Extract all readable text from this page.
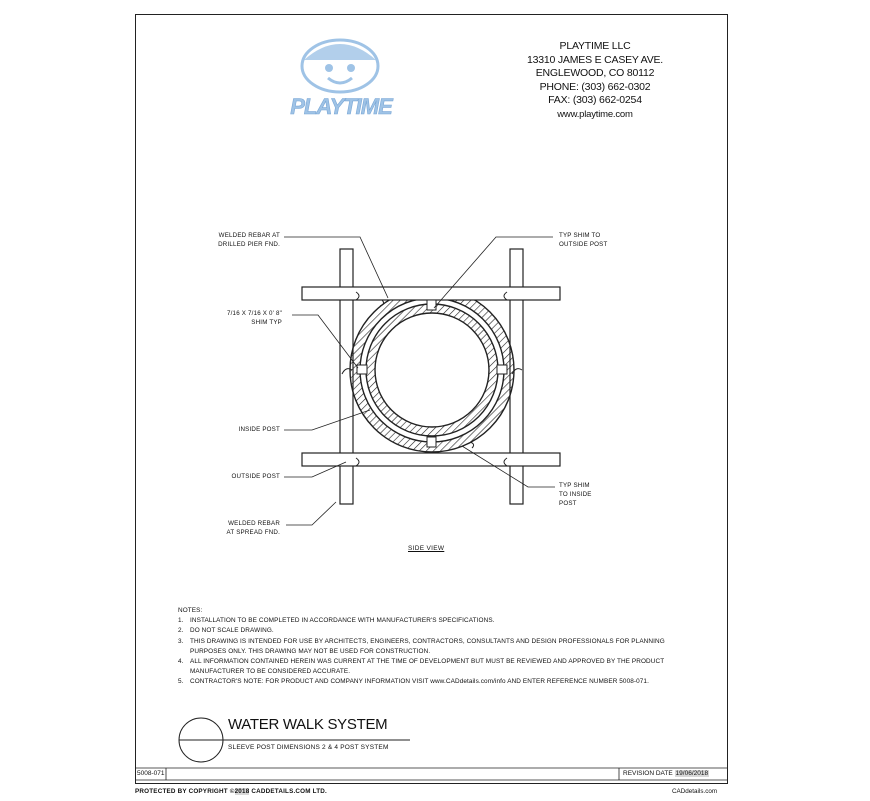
PLAYTIME
PLAYTIME LLC
13310 JAMES E CASEY AVE.
ENGLEWOOD, CO 80112
PHONE: (303) 662-0302
FAX: (303) 662-0254
www.playtime.com
WELDED REBAR AT
DRILLED PIER FND.
7/16 X 7/16 X 0' 8"
SHIM TYP
INSIDE POST
OUTSIDE POST
WELDED REBAR
AT SPREAD FND.
TYP SHIM TO
OUTSIDE POST
TYP SHIM
TO INSIDE
POST
SIDE VIEW
NOTES:
1.	INSTALLATION TO BE COMPLETED IN ACCORDANCE WITH MANUFACTURER'S SPECIFICATIONS.
2.	DO NOT SCALE DRAWING.
3.	THIS DRAWING IS INTENDED FOR USE BY ARCHITECTS, ENGINEERS, CONTRACTORS, CONSULTANTS AND DESIGN PROFESSIONALS FOR PLANNING PURPOSES ONLY. THIS DRAWING MAY NOT BE USED FOR CONSTRUCTION.
4.	ALL INFORMATION CONTAINED HEREIN WAS CURRENT AT THE TIME OF DEVELOPMENT BUT MUST BE REVIEWED AND APPROVED BY THE PRODUCT MANUFACTURER TO BE CONSIDERED ACCURATE.
5.	CONTRACTOR'S NOTE: FOR PRODUCT AND COMPANY INFORMATION VISIT www.CADdetails.com/info AND ENTER REFERENCE NUMBER 5008-071.
WATER WALK SYSTEM
SLEEVE POST DIMENSIONS 2 & 4 POST SYSTEM
5008-071	REVISION DATE 19/06/2018
PROTECTED BY COPYRIGHT ©2018 CADDETAILS.COM LTD.	CADdetails.com
